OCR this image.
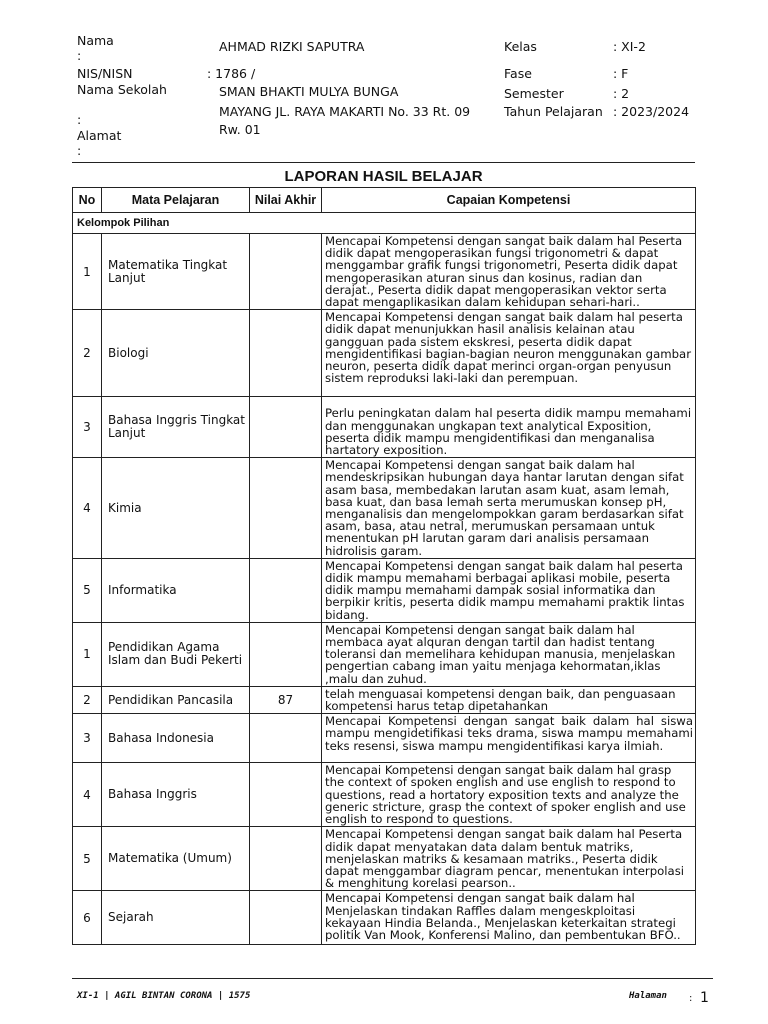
Nama
:
AHMAD RIZKI SAPUTRA
NIS/NISN	: 1786 /
Nama Sekolah	SMAN BHAKTI MULYA BUNGA
:
MAYANG JL. RAYA MAKARTI No. 33 Rt. 09 Rw. 01
Alamat
:
Kelas	: XI-2
Fase	: F
Semester	: 2
Tahun Pelajaran : 2023/2024
LAPORAN HASIL BELAJAR
No	Mata Pelajaran	Nilai Akhir	Capaian Kompetensi
Kelompok Pilihan			
1	Matematika Tingkat Lanjut		Mencapai Kompetensi dengan sangat baik dalam hal Peserta didik dapat mengoperasikan fungsi trigonometri & dapat menggambar grafik fungsi trigonometri, Peserta didik dapat mengoperasikan aturan sinus dan kosinus, radian dan derajat., Peserta didik dapat mengoperasikan vektor serta dapat mengaplikasikan dalam kehidupan sehari-hari..
2	Biologi		Mencapai Kompetensi dengan sangat baik dalam hal peserta didik dapat menunjukkan hasil analisis kelainan atau gangguan pada sistem ekskresi, peserta didik dapat mengidentifikasi bagian-bagian neuron menggunakan gambar neuron, peserta didik dapat merinci organ-organ penyusun sistem reproduksi laki-laki dan perempuan.
3	Bahasa Inggris Tingkat Lanjut		Perlu peningkatan dalam hal peserta didik mampu memahami dan menggunakan ungkapan text analytical Exposition, peserta didik mampu mengidentifikasi dan menganalisa hartatory exposition.
4	Kimia		Mencapai Kompetensi dengan sangat baik dalam hal mendeskripsikan hubungan daya hantar larutan dengan sifat asam basa, membedakan larutan asam kuat, asam lemah, basa kuat, dan basa lemah serta merumuskan konsep pH, menganalisis dan mengelompokkan garam berdasarkan sifat asam, basa, atau netral, merumuskan persamaan untuk menentukan pH larutan garam dari analisis persamaan hidrolisis garam.
5	Informatika		Mencapai Kompetensi dengan sangat baik dalam hal peserta didik mampu memahami berbagai aplikasi mobile, peserta didik mampu memahami dampak sosial informatika dan berpikir kritis, peserta didik mampu memahami praktik lintas bidang.
1	Pendidikan Agama Islam dan Budi Pekerti		Mencapai Kompetensi dengan sangat baik dalam hal membaca ayat alquran dengan tartil dan hadist tentang toleransi dan memelihara kehidupan manusia, menjelaskan pengertian cabang iman yaitu menjaga kehormatan,iklas ,malu dan zuhud.
2	Pendidikan Pancasila	87	telah menguasai kompetensi dengan baik, dan penguasaan kompetensi harus tetap dipetahankan
3	Bahasa Indonesia		Mencapai Kompetensi dengan sangat baik dalam hal siswa mampu mengidetifikasi teks drama, siswa mampu memahami teks resensi, siswa mampu mengidentifikasi karya ilmiah.
4	Bahasa Inggris		Mencapai Kompetensi dengan sangat baik dalam hal grasp the context of spoken english and use english to respond to questions, read a hortatory exposition texts and analyze the generic stricture, grasp the context of spoker english and use english to respond to questions.
5	Matematika (Umum)		Mencapai Kompetensi dengan sangat baik dalam hal Peserta didik dapat menyatakan data dalam bentuk matriks, menjelaskan matriks & kesamaan matriks., Peserta didik dapat menggambar diagram pencar, menentukan interpolasi & menghitung korelasi pearson..
6	Sejarah		Mencapai Kompetensi dengan sangat baik dalam hal Menjelaskan tindakan Raffles dalam mengeskploitasi kekayaan Hindia Belanda., Menjelaskan keterkaitan strategi politik Van Mook, Konferensi Malino, dan pembentukan BFO..
XI-1 | AGIL BINTAN CORONA | 1575	Halaman : 1
